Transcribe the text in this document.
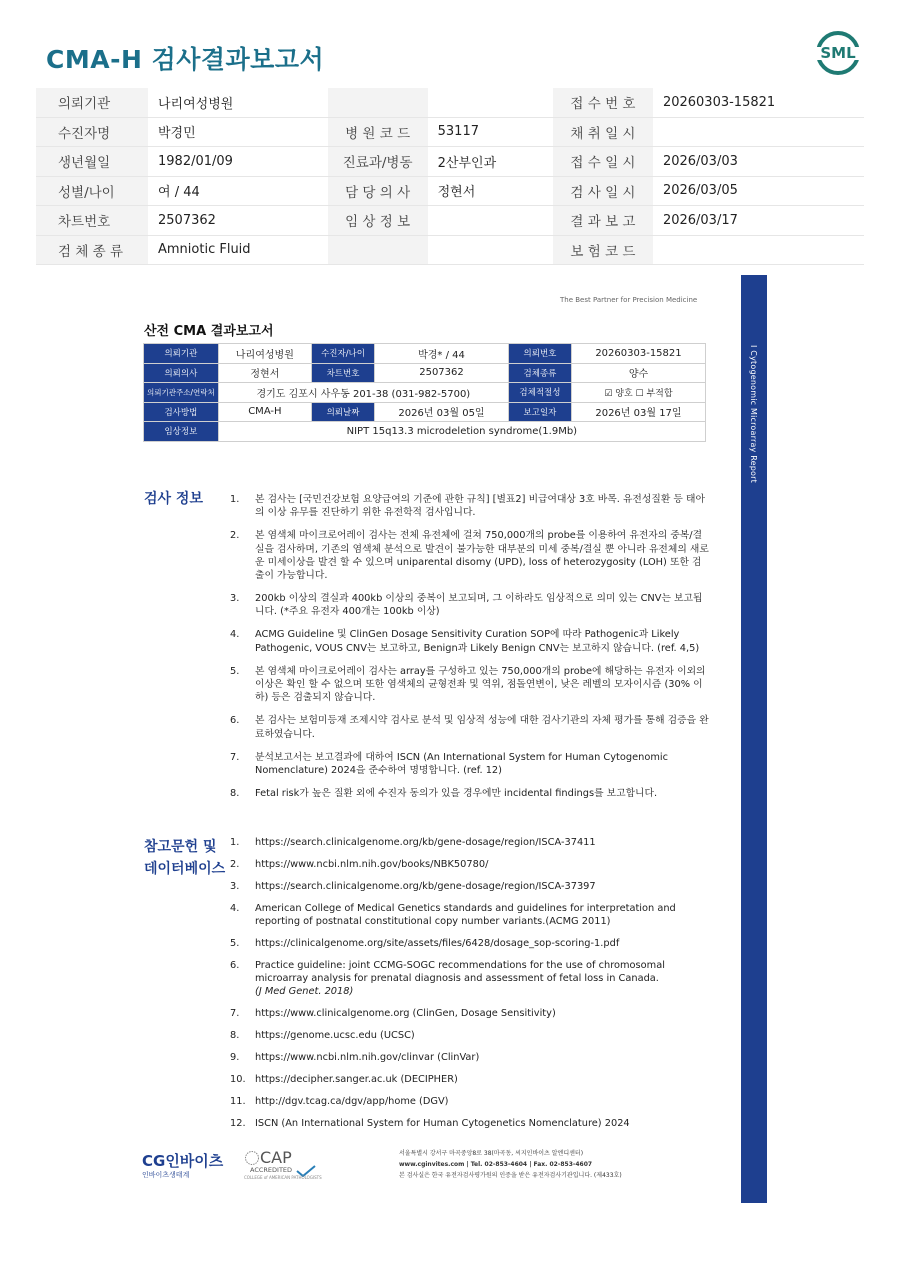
CMA-H 검사결과보고서	SML
의뢰기관	나리여성병원			접 수 번 호	20260303-15821
수진자명	박경민	병 원 코 드	53117	채 취 일 시	
생년월일	1982/01/09	진료과/병동	2산부인과	접 수 일 시	2026/03/03
성별/나이	여 / 44	담 당 의 사	정현서	검 사 일 시	2026/03/05
차트번호	2507362	임 상 정 보		결 과 보 고	2026/03/17
검 체 종 류	Amniotic Fluid			보 험 코 드	
I Cytogenomic Microarray Report
The Best Partner for Precision Medicine
산전 CMA 결과보고서
의뢰기관	나리여성병원	수진자/나이	박경* / 44	의뢰번호	20260303-15821
의뢰의사	정현서	차트번호	2507362	검체종류	양수
의뢰기관주소/연락처	경기도 김포시 사우동 201-38 (031-982-5700)			검체적절성	☑ 양호 ☐ 부적합
검사방법	CMA-H	의뢰날짜	2026년 03월 05일	보고일자	2026년 03월 17일
임상정보	NIPT 15q13.3 microdeletion syndrome(1.9Mb)				
검사 정보	1. 본 검사는 [국민건강보험 요양급여의 기준에 관한 규칙] [별표2] 비급여대상 3호 바목. 유전성질환 등 태아의 이상 유무를 진단하기 위한 유전학적 검사입니다.
2. 본 염색체 마이크로어레이 검사는 전체 유전체에 걸쳐 750,000개의 probe를 이용하여 유전자의 중복/결실을 검사하며, 기존의 염색체 분석으로 발견이 불가능한 대부분의 미세 중복/결실 뿐 아니라 유전체의 새로운 미세이상을 발견 할 수 있으며 uniparental disomy (UPD), loss of heterozygosity (LOH) 또한 검출이 가능합니다.
3. 200kb 이상의 결실과 400kb 이상의 중복이 보고되며, 그 이하라도 임상적으로 의미 있는 CNV는 보고됩니다. (*주요 유전자 400개는 100kb 이상)
4. ACMG Guideline 및 ClinGen Dosage Sensitivity Curation SOP에 따라 Pathogenic과 Likely Pathogenic, VOUS CNV는 보고하고, Benign과 Likely Benign CNV는 보고하지 않습니다. (ref. 4,5)
5. 본 염색체 마이크로어레이 검사는 array를 구성하고 있는 750,000개의 probe에 해당하는 유전자 이외의 이상은 확인 할 수 없으며 또한 염색체의 균형전좌 및 역위, 점돌연변이, 낮은 레벨의 모자이시즘 (30% 이하) 등은 검출되지 않습니다.
6. 본 검사는 보험미등재 조제시약 검사로 분석 및 임상적 성능에 대한 검사기관의 자체 평가를 통해 검증을 완료하였습니다.
7. 분석보고서는 보고결과에 대하여 ISCN (An International System for Human Cytogenomic Nomenclature) 2024을 준수하여 명명합니다. (ref. 12)
8. Fetal risk가 높은 질환 외에 수진자 동의가 있을 경우에만 incidental findings를 보고합니다.
참고문헌 및
데이터베이스
1. https://search.clinicalgenome.org/kb/gene-dosage/region/ISCA-37411
2. https://www.ncbi.nlm.nih.gov/books/NBK50780/
3. https://search.clinicalgenome.org/kb/gene-dosage/region/ISCA-37397
4. American College of Medical Genetics standards and guidelines for interpretation and reporting of postnatal constitutional copy number variants.(ACMG 2011)
5. https://clinicalgenome.org/site/assets/files/6428/dosage_sop-scoring-1.pdf
6. Practice guideline: joint CCMG-SOGC recommendations for the use of chromosomal microarray analysis for prenatal diagnosis and assessment of fetal loss in Canada.
(J Med Genet. 2018)
7. https://www.clinicalgenome.org (ClinGen, Dosage Sensitivity)
8. https://genome.ucsc.edu (UCSC)
9. https://www.ncbi.nlm.nih.gov/clinvar (ClinVar)
10. https://decipher.sanger.ac.uk (DECIPHER)
11. http://dgv.tcag.ca/dgv/app/home (DGV)
12. ISCN (An International System for Human Cytogenetics Nomenclature) 2024
CG인바이츠
인바이츠생태계
CAP
ACCREDITED
COLLEGE of AMERICAN PATHOLOGISTS
서울특별시 강서구 마곡중앙8로 38(마곡동, 씨지인바이츠 알엔디센터)
www.cginvites.com | Tel. 02-853-4604 | Fax. 02-853-4607
본 검사실은 한국 유전자검사평가원의 인증을 받은 유전자검사기관입니다. (제433호)
